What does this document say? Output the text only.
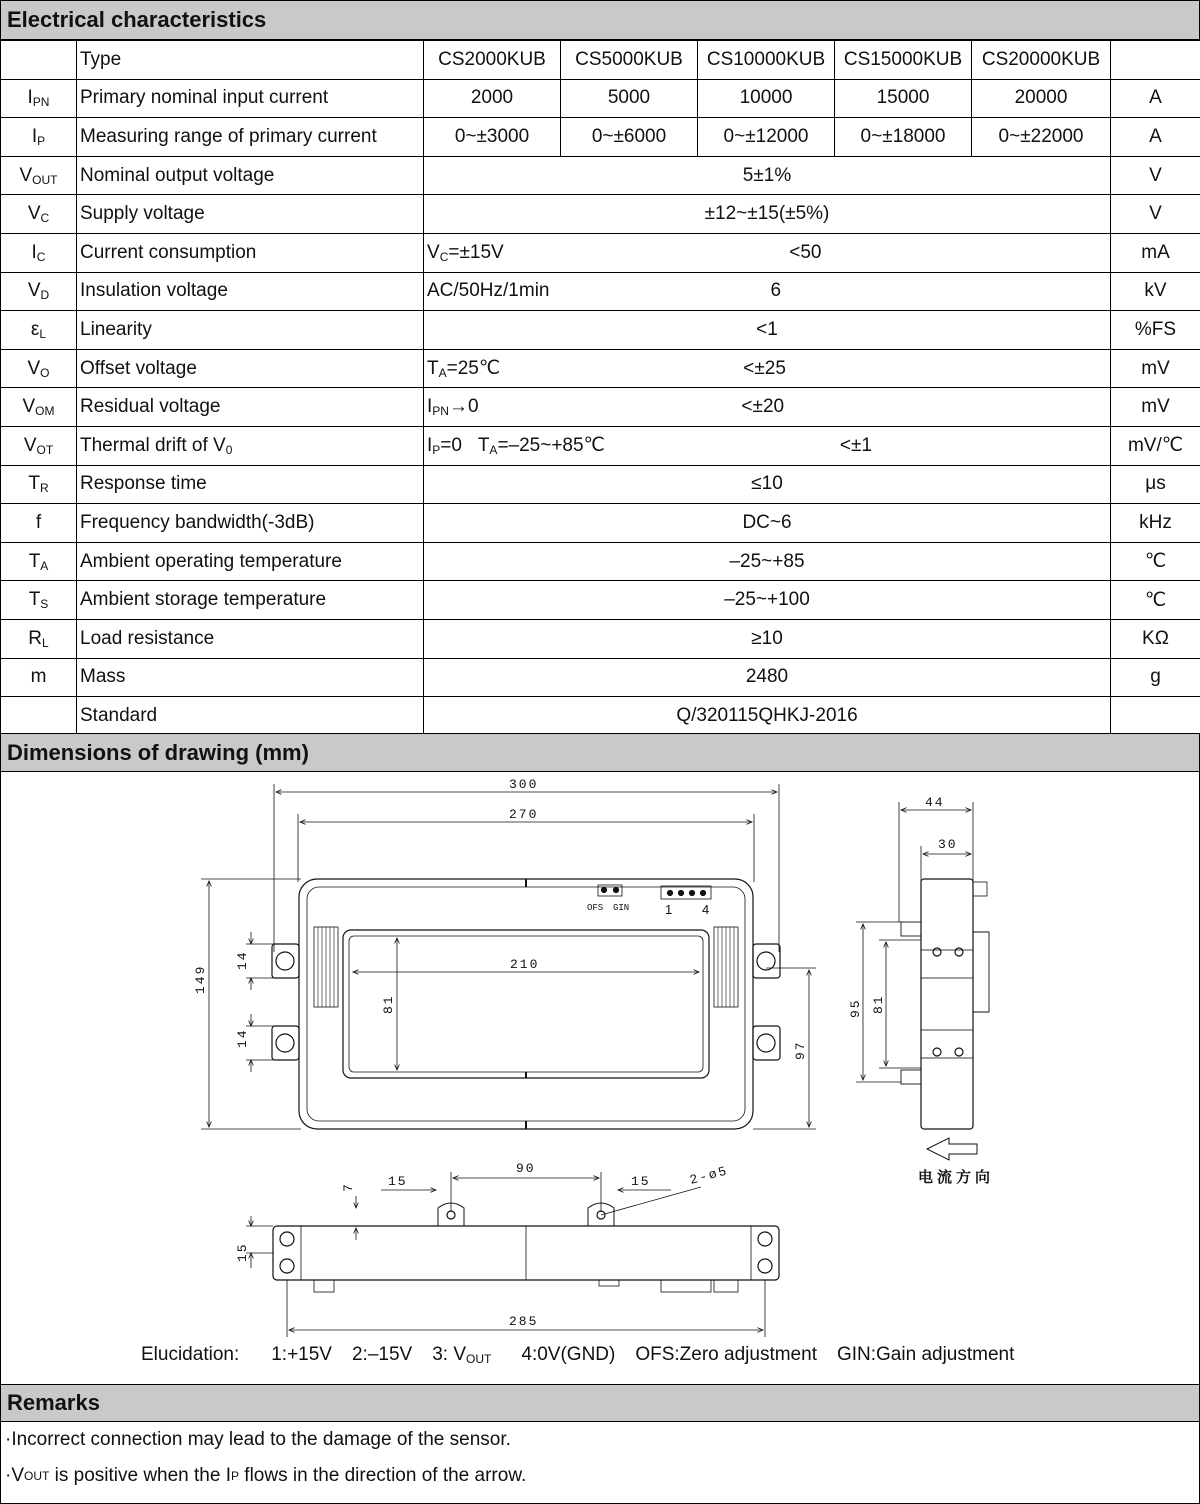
Electrical characteristics
	Type	CS2000KUB	CS5000KUB	CS10000KUB	CS15000KUB	CS20000KUB	
$I_{PN}$	Primary nominal input current	2000	5000	10000	15000	20000	A
$I_P$	Measuring range of primary current	0~±3000	0~±6000	0~±12000	0~±18000	0~±22000	A
$V_{OUT}$	Nominal output voltage	5±1%					V
$V_C$	Supply voltage	±12~±15(±5%)					V
$I_C$	Current consumption	$V_C=\pm 15V <50$					mA
$V_D$	Insulation voltage	AC/50Hz/1min 6					kV
$\varepsilon_L$	Linearity	<1					%FS
$V_O$	Offset voltage	$T_A=25℃ <\pm 25$					mV
$V_{OM}$	Residual voltage	$I_{PN}\to 0 <\pm 20$					mV
$V_{OT}$	Thermal drift of $V_0$	$I_P=0$ $T_A=-25\sim+85℃ <\pm 1$					mV/℃
$T_R$	Response time	≤10					μs
f	Frequency bandwidth(-3dB)	DC~6					kHz
$T_A$	Ambient operating temperature	–25~+85					℃
$T_S$	Ambient storage temperature	–25~+100					℃
$R_L$	Load resistance	≥10					KΩ
m	Mass	2480					g
	Standard	Q/320115QHKJ-2016					
Dimensions of drawing (mm)
300
270
210
149
81
14
14
97
OFS GIN	1 4
44
30
95 81
电流方向
90
15	15
7
15
285
2-ø5
Elucidation: 1:+15V 2:–15V 3: $V_{OUT}$ 4:0V(GND) OFS:Zero adjustment GIN:Gain adjustment
Remarks
·Incorrect connection may lead to the damage of the sensor.
·V OUT is positive when the I P flows in the direction of the arrow.
